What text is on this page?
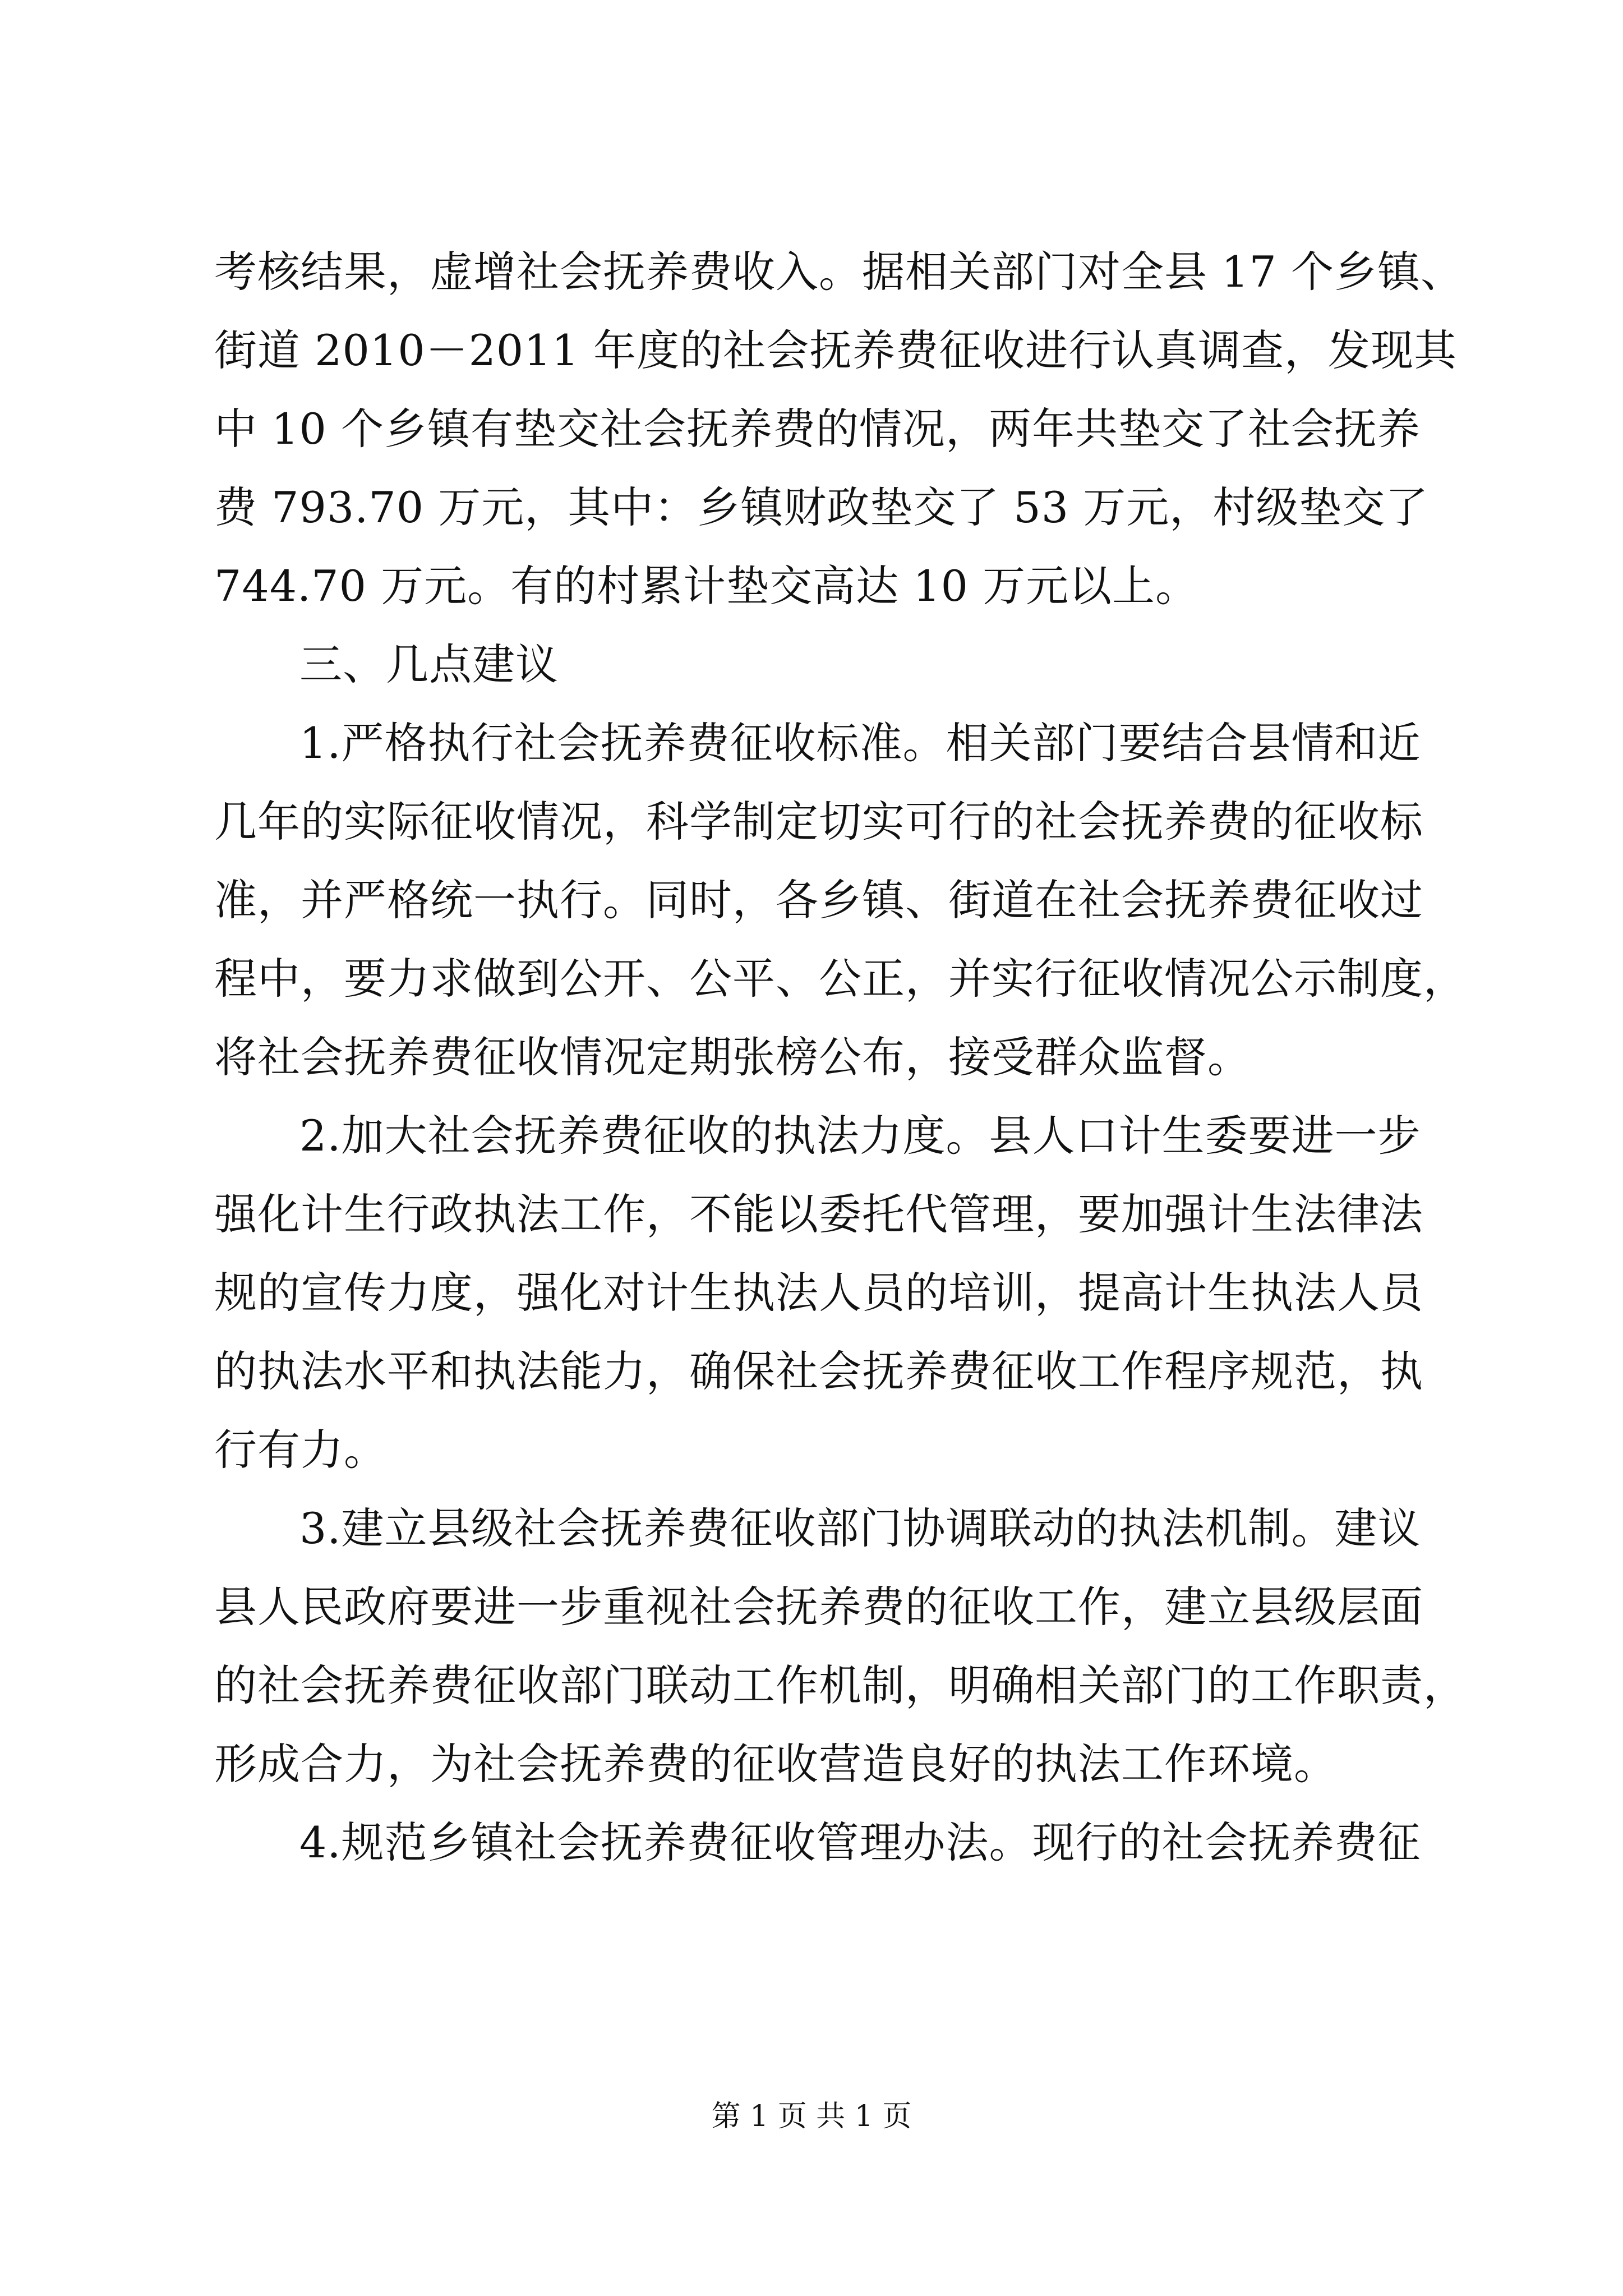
考核结果，虚增社会抚养费收入。据相关部门对全县 17 个乡镇、
街道 2010－2011 年度的社会抚养费征收进行认真调查，发现其
中 10 个乡镇有垫交社会抚养费的情况，两年共垫交了社会抚养
费 793.70 万元，其中：乡镇财政垫交了 53 万元，村级垫交了
744.70 万元。有的村累计垫交高达 10 万元以上。
三、几点建议
1.严格执行社会抚养费征收标准。相关部门要结合县情和近
几年的实际征收情况，科学制定切实可行的社会抚养费的征收标
准，并严格统一执行。同时，各乡镇、街道在社会抚养费征收过
程中，要力求做到公开、公平、公正，并实行征收情况公示制度，
将社会抚养费征收情况定期张榜公布，接受群众监督。
2.加大社会抚养费征收的执法力度。县人口计生委要进一步
强化计生行政执法工作，不能以委托代管理，要加强计生法律法
规的宣传力度，强化对计生执法人员的培训，提高计生执法人员
的执法水平和执法能力，确保社会抚养费征收工作程序规范，执
行有力。
3.建立县级社会抚养费征收部门协调联动的执法机制。建议
县人民政府要进一步重视社会抚养费的征收工作，建立县级层面
的社会抚养费征收部门联动工作机制，明确相关部门的工作职责，
形成合力，为社会抚养费的征收营造良好的执法工作环境。
4.规范乡镇社会抚养费征收管理办法。现行的社会抚养费征
第 1 页 共 1 页
